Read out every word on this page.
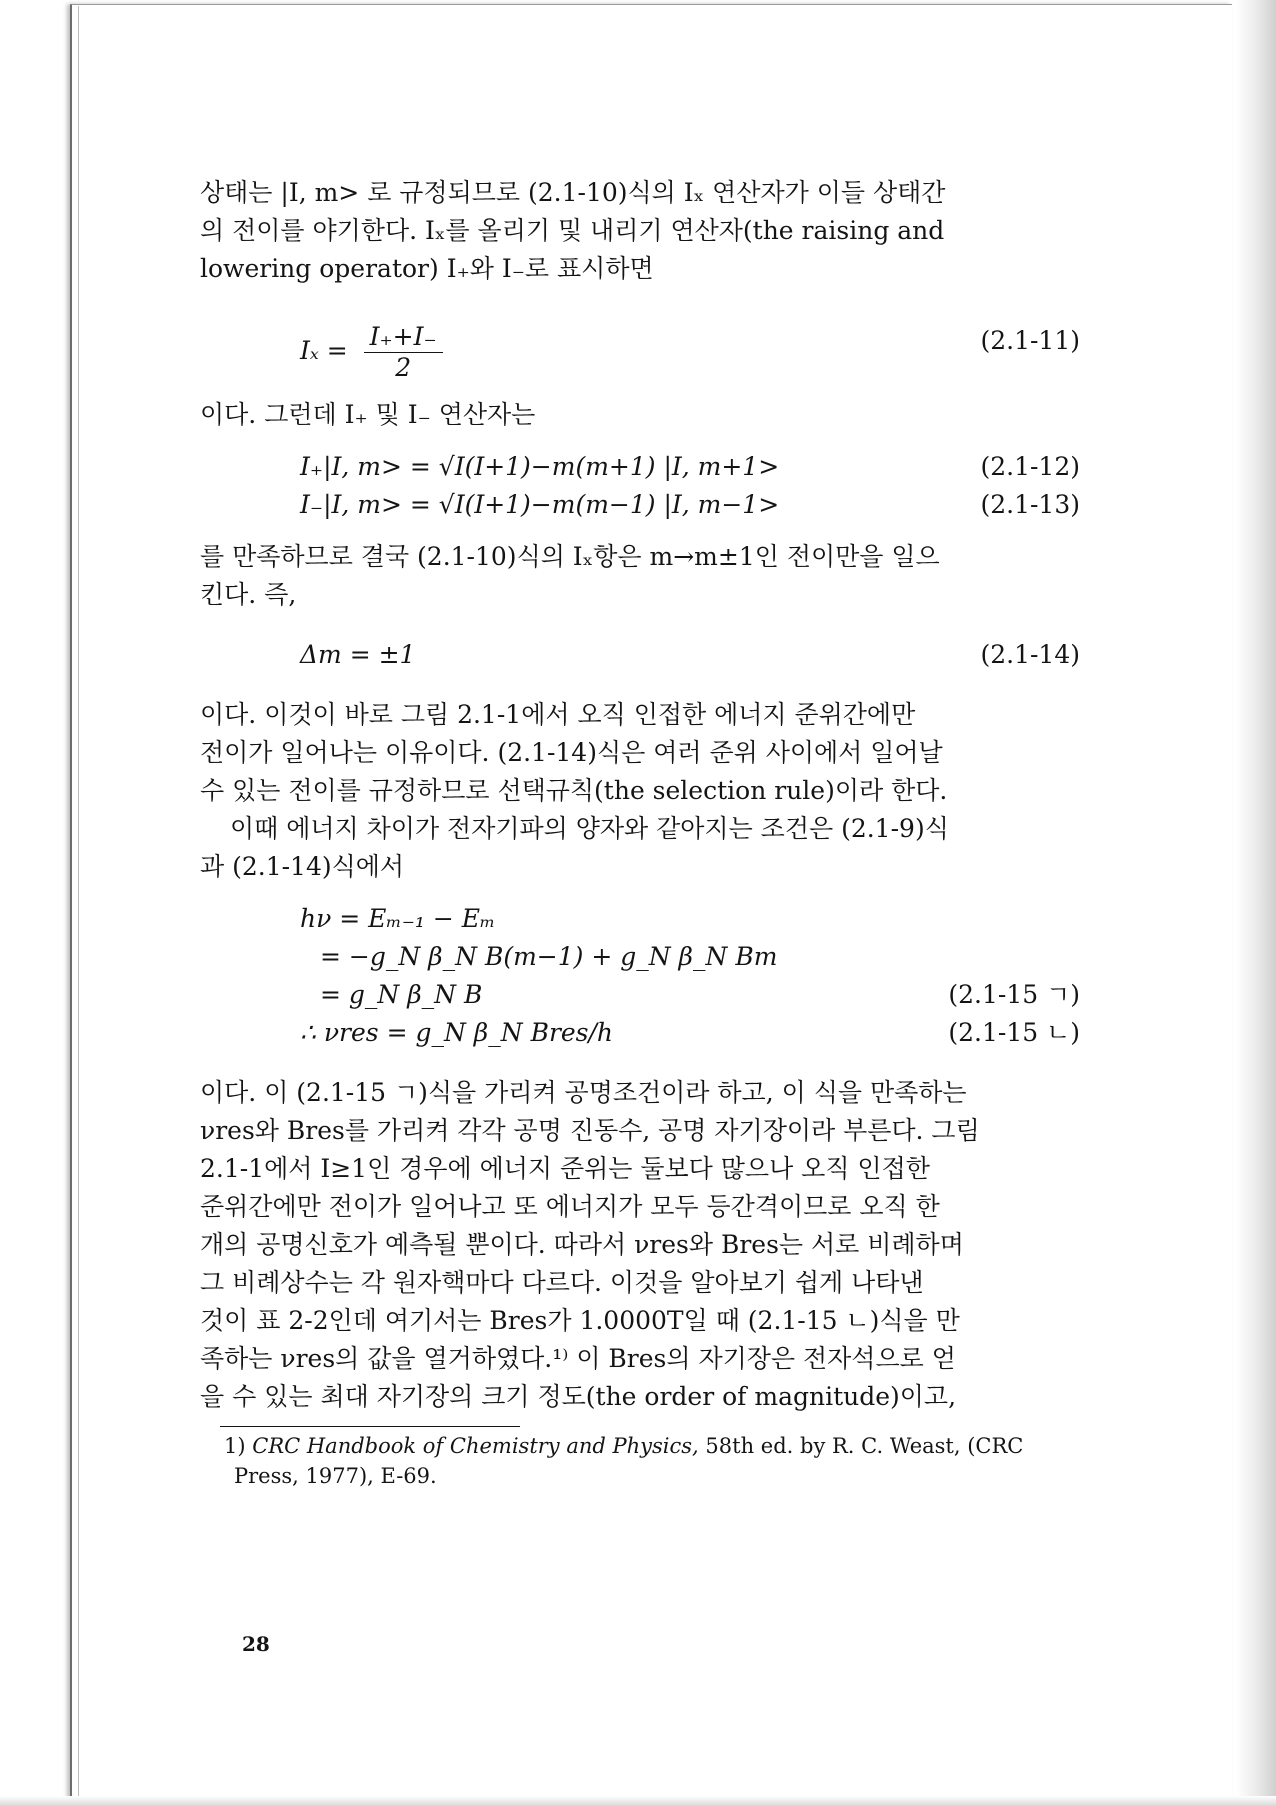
상태는 |I, m> 로 규정되므로 (2.1-10)식의 Iₓ 연산자가 이들 상태간

의 전이를 야기한다. Iₓ를 올리기 및 내리기 연산자(the raising and

lowering operator) I₊와 I₋로 표시하면

$I_x = \frac{I_++I_-}{2}$	(2.1-11)

이다. 그런데 I₊ 및 I₋ 연산자는

I₊|I, m> = √I(I+1)−m(m+1) |I, m+1>	(2.1-12)
I₋|I, m> = √I(I+1)−m(m−1) |I, m−1>	(2.1-13)

를 만족하므로 결국 (2.1-10)식의 Iₓ항은 m→m±1인 전이만을 일으

킨다. 즉,

Δm = ±1	(2.1-14)

이다. 이것이 바로 그림 2.1-1에서 오직 인접한 에너지 준위간에만

전이가 일어나는 이유이다. (2.1-14)식은 여러 준위 사이에서 일어날

수 있는 전이를 규정하므로 선택규칙(the selection rule)이라 한다.

이때 에너지 차이가 전자기파의 양자와 같아지는 조건은 (2.1-9)식

과 (2.1-14)식에서

hν = Eₘ₋₁ − Eₘ
= −g_N β_N B(m−1) + g_N β_N Bm
= g_N β_N B	(2.1-15 ㄱ)
∴ νres = g_N β_N Bres/h	(2.1-15 ㄴ)

이다. 이 (2.1-15 ㄱ)식을 가리켜 공명조건이라 하고, 이 식을 만족하는

νres와 Bres를 가리켜 각각 공명 진동수, 공명 자기장이라 부른다. 그림

2.1-1에서 I≥1인 경우에 에너지 준위는 둘보다 많으나 오직 인접한

준위간에만 전이가 일어나고 또 에너지가 모두 등간격이므로 오직 한

개의 공명신호가 예측될 뿐이다. 따라서 νres와 Bres는 서로 비례하며

그 비례상수는 각 원자핵마다 다르다. 이것을 알아보기 쉽게 나타낸

것이 표 2-2인데 여기서는 Bres가 1.0000T일 때 (2.1-15 ㄴ)식을 만

족하는 νres의 값을 열거하였다.¹⁾ 이 Bres의 자기장은 전자석으로 얻

을 수 있는 최대 자기장의 크기 정도(the order of magnitude)이고,

1) CRC Handbook of Chemistry and Physics, 58th ed. by R. C. Weast, (CRC
Press, 1977), E-69.

28
